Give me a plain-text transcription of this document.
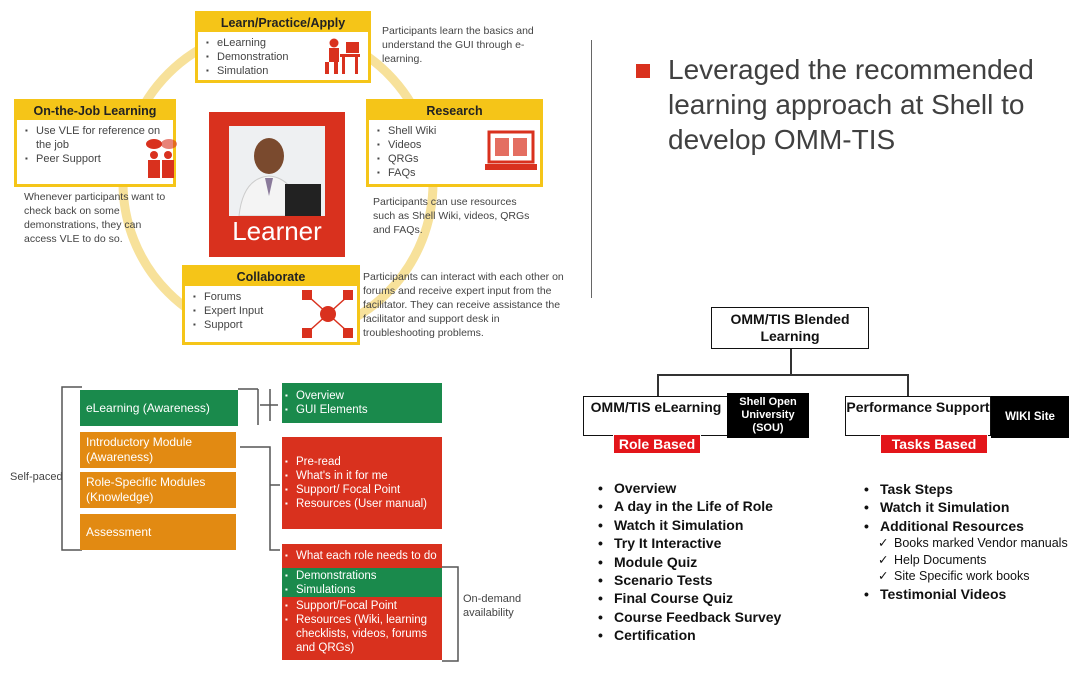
Learn/Practice/Apply
▪ eLearning
▪ Demonstration
▪ Simulation
Participants learn the basics and understand the GUI through e-learning.
Research
▪ Shell Wiki
▪ Videos
▪ QRGs
▪ FAQs
Participants can use resources such as Shell Wiki, videos, QRGs and FAQs.
On-the-Job Learning
▪ Use VLE for reference on the job
▪ Peer Support
Whenever participants want to check back on some demonstrations, they can access VLE to do so.	Learner
Collaborate
▪ Forums
▪ Expert Input
▪ Support
Participants can interact with each other on forums and receive expert input from the facilitator. They can receive assistance the facilitator and support desk in troubleshooting problems.
Leveraged the recommended learning approach at Shell to develop OMM-TIS
Self-paced
eLearning (Awareness)
Introductory Module (Awareness)
Role-Specific Modules (Knowledge)
Assessment
▪ Overview
▪ GUI Elements
▪ Pre-read
▪ What's in it for me
▪ Support/ Focal Point
▪ Resources (User manual)
▪ What each role needs to do
▪ Demonstrations
▪ Simulations
▪ Support/Focal Point
▪ Resources (Wiki, learning checklists, videos, forums and QRGs)
On-demand availability
OMM/TIS Blended Learning
OMM/TIS eLearning	Shell Open University (SOU)
Role Based
Performance Support
WIKI Site
Tasks Based
• Overview
• A day in the Life of Role
• Watch it Simulation
• Try It Interactive
• Module Quiz
• Scenario Tests
• Final Course Quiz
• Course Feedback Survey
• Certification
• Task Steps
• Watch it Simulation
• Additional Resources
✓ Books marked Vendor manuals
✓ Help Documents
✓ Site Specific work books
• Testimonial Videos
